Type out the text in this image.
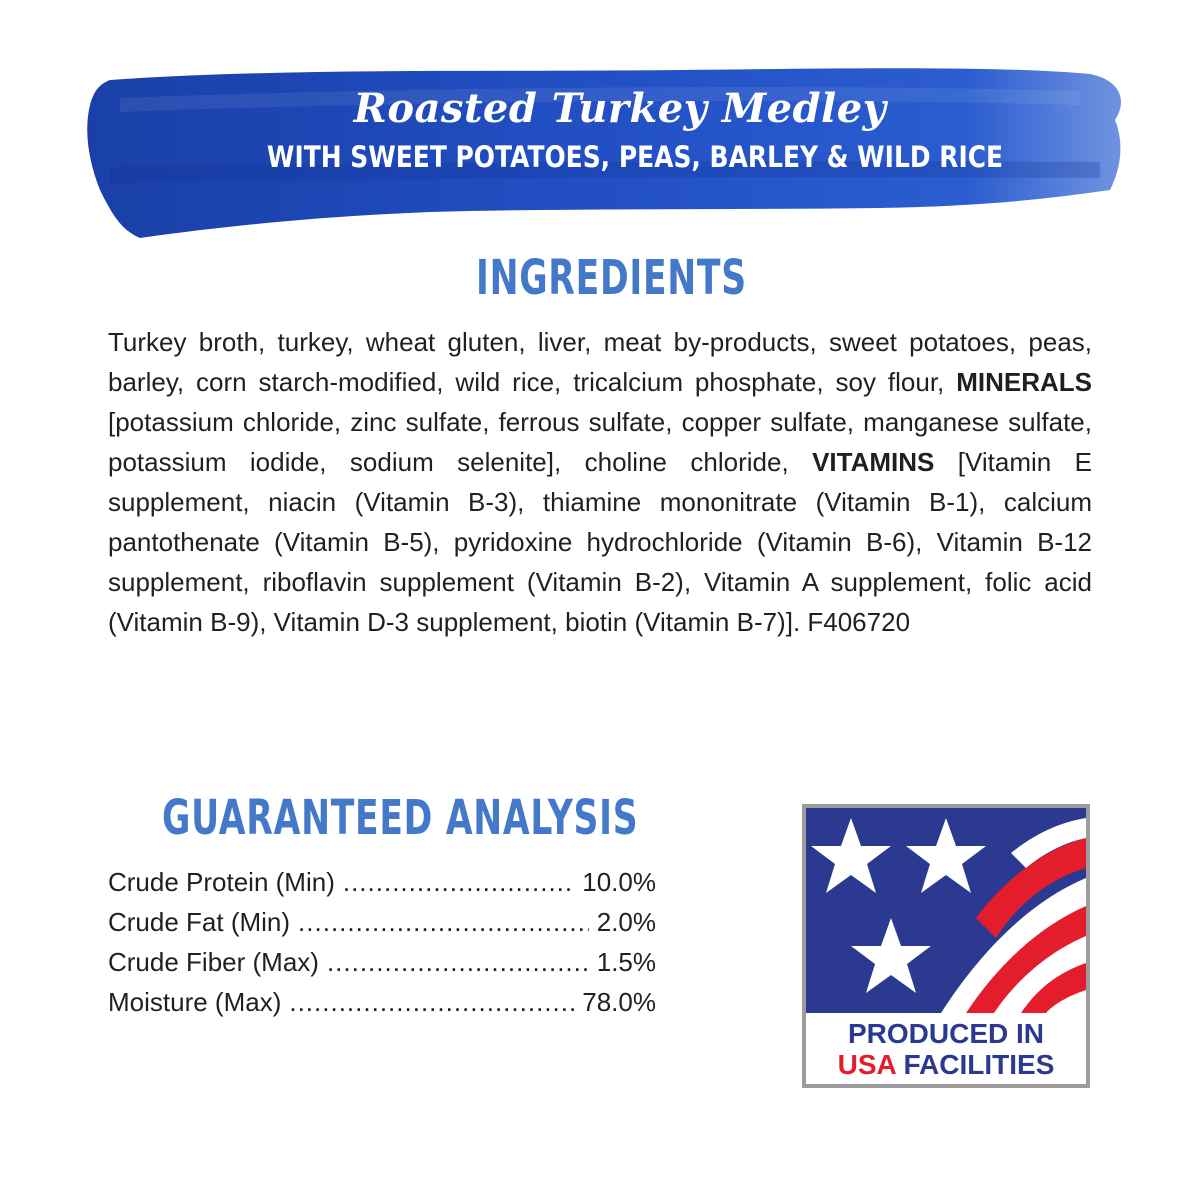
Roasted Turkey Medley
WITH SWEET POTATOES, PEAS, BARLEY & WILD RICE
INGREDIENTS

Turkey broth, turkey, wheat gluten, liver, meat by-products, sweet potatoes, peas, barley, corn starch-modified, wild rice, tricalcium phosphate, soy flour, MINERALS [potassium chloride, zinc sulfate, ferrous sulfate, copper sulfate, manganese sulfate, potassium iodide, sodium selenite], choline chloride, VITAMINS [Vitamin E supplement, niacin (Vitamin B-3), thiamine mononitrate (Vitamin B-1), calcium pantothenate (Vitamin B-5), pyridoxine hydrochloride (Vitamin B-6), Vitamin B-12 supplement, riboflavin supplement (Vitamin B-2), Vitamin A supplement, folic acid (Vitamin B-9), Vitamin D-3 supplement, biotin (Vitamin B-7)]. F406720

GUARANTEED ANALYSIS
Crude Protein (Min) .....	10.0%
Crude Fat (Min) .....	2.0%
Crude Fiber (Max) .....	1.5%
Moisture (Max) .....	78.0%
PRODUCED IN
USA FACILITIES
